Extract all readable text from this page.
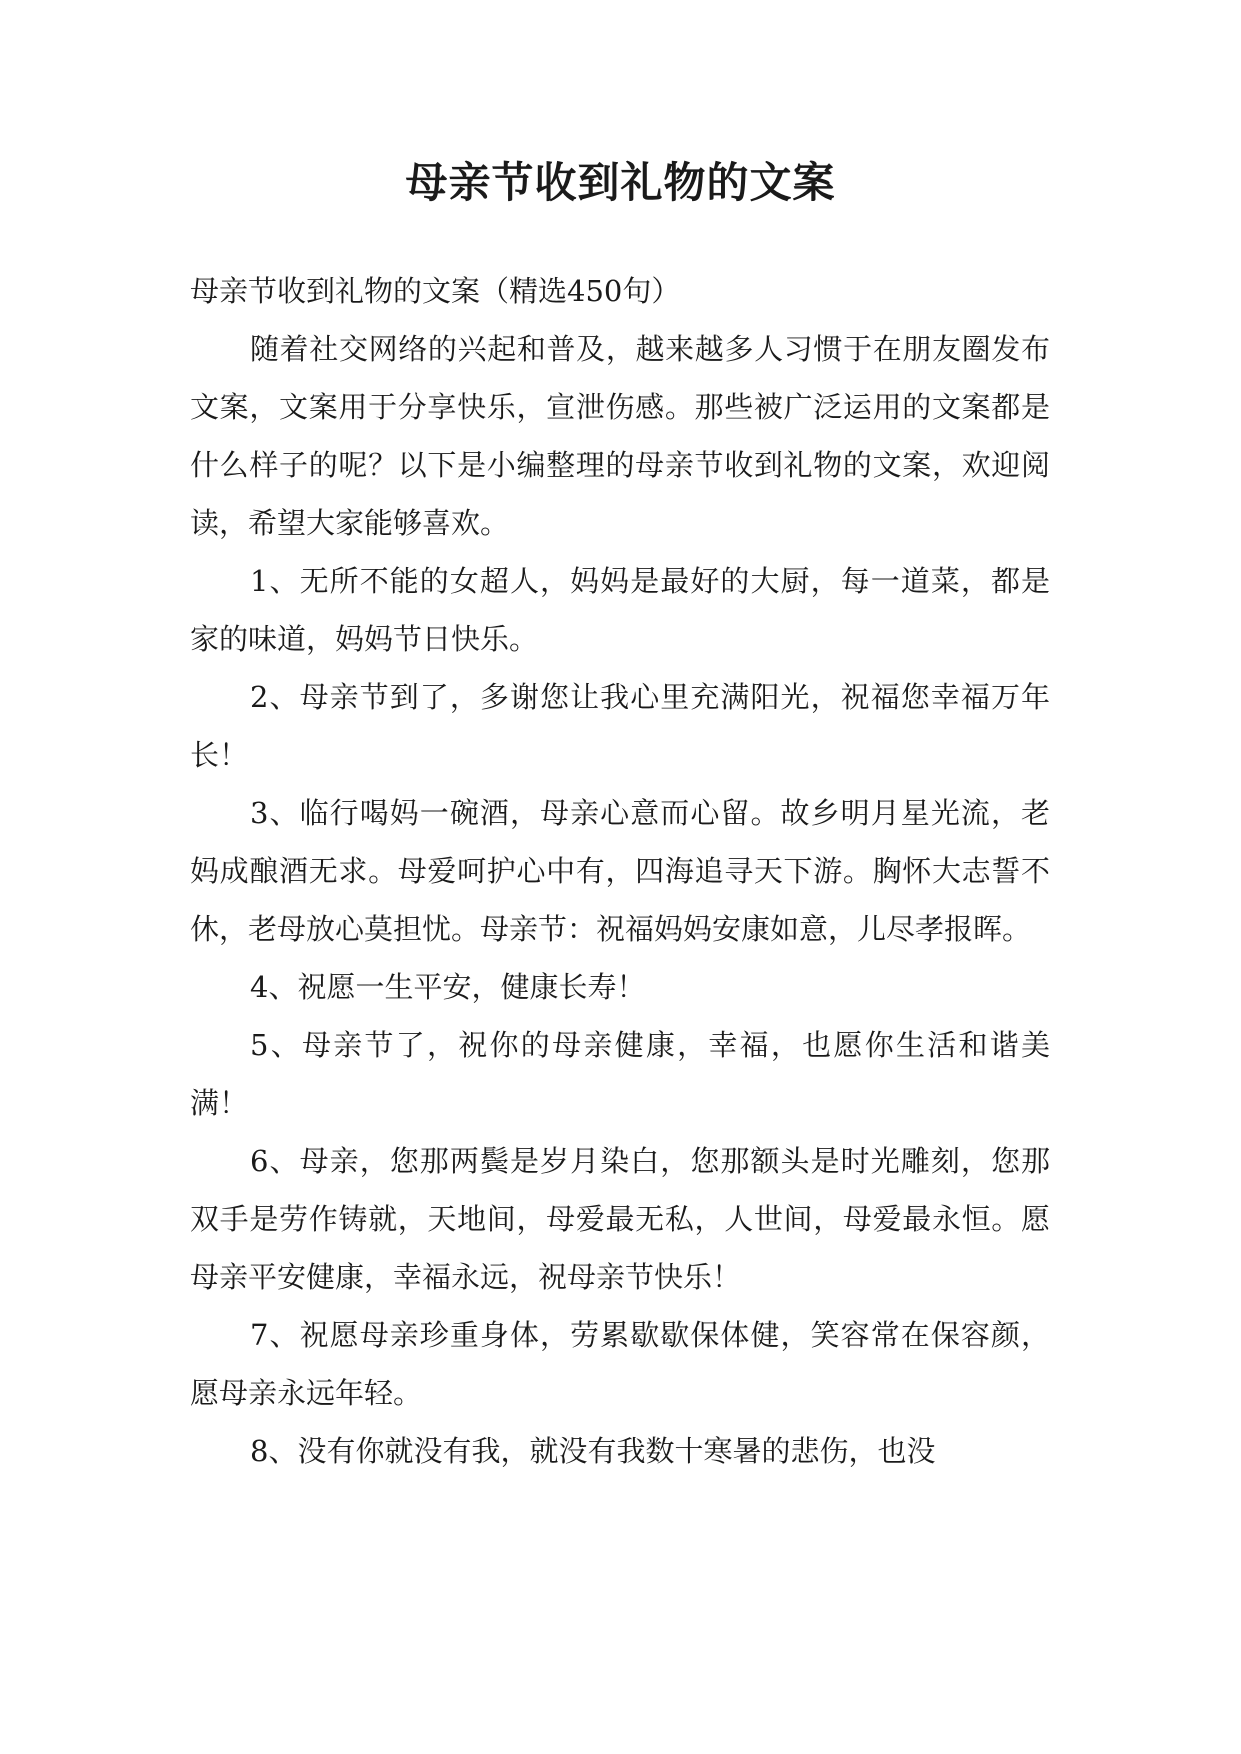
母亲节收到礼物的文案

母亲节收到礼物的文案（精选450句）

随着社交网络的兴起和普及，越来越多人习惯于在朋友圈发布文案，文案用于分享快乐，宣泄伤感。那些被广泛运用的文案都是什么样子的呢？以下是小编整理的母亲节收到礼物的文案，欢迎阅读，希望大家能够喜欢。

1、无所不能的女超人，妈妈是最好的大厨，每一道菜，都是家的味道，妈妈节日快乐。

2、母亲节到了，多谢您让我心里充满阳光，祝福您幸福万年长！

3、临行喝妈一碗酒，母亲心意而心留。故乡明月星光流，老妈成酿酒无求。母爱呵护心中有，四海追寻天下游。胸怀大志誓不休，老母放心莫担忧。母亲节：祝福妈妈安康如意，儿尽孝报晖。

4、祝愿一生平安，健康长寿！

5、母亲节了，祝你的母亲健康，幸福，也愿你生活和谐美满！

6、母亲，您那两鬓是岁月染白，您那额头是时光雕刻，您那双手是劳作铸就，天地间，母爱最无私，人世间，母爱最永恒。愿母亲平安健康，幸福永远，祝母亲节快乐！

7、祝愿母亲珍重身体，劳累歇歇保体健，笑容常在保容颜，愿母亲永远年轻。

8、没有你就没有我，就没有我数十寒暑的悲伤，也没
